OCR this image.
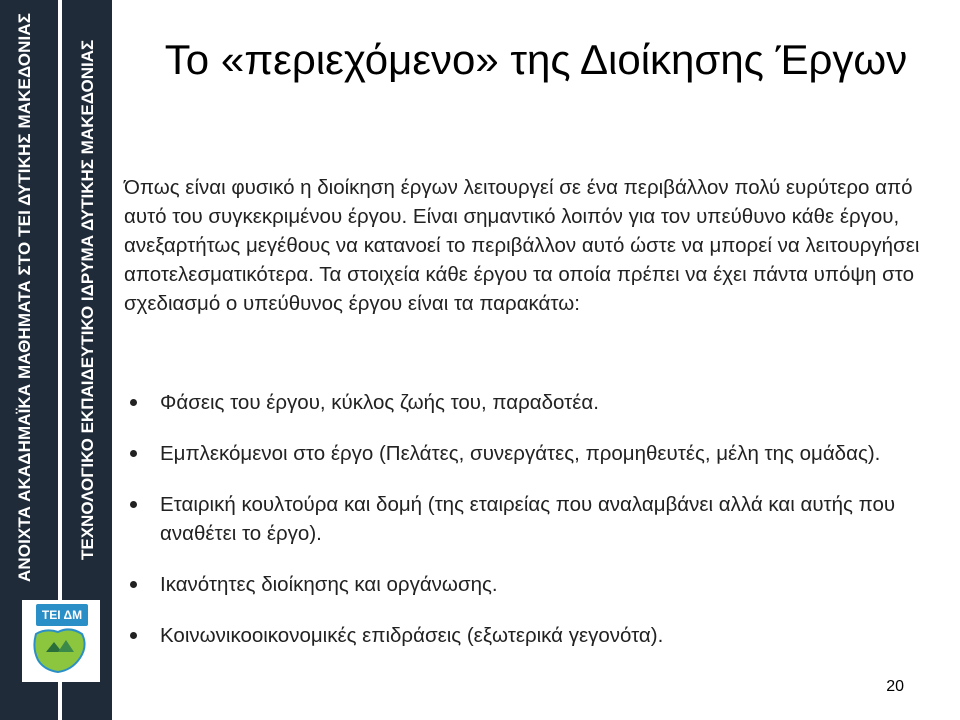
ΑΝΟΙΧΤΑ ΑΚΑΔΗΜΑΪΚΑ ΜΑΘΗΜΑΤΑ ΣΤΟ ΤΕΙ ΔΥΤΙΚΗΣ ΜΑΚΕΔΟΝΙΑΣ	ΤΕΧΝΟΛΟΓΙΚΟ ΕΚΠΑΙΔΕΥΤΙΚΟ ΙΔΡΥΜΑ ΔΥΤΙΚΗΣ ΜΑΚΕΔΟΝΙΑΣ
ΤΕΙ ΔΜ
Το «περιεχόμενο» της Διοίκησης Έργων
Όπως είναι φυσικό η διοίκηση έργων λειτουργεί σε ένα περιβάλλον πολύ ευρύτερο από αυτό του συγκεκριμένου έργου. Είναι σημαντικό λοιπόν για τον υπεύθυνο κάθε έργου, ανεξαρτήτως μεγέθους να κατανοεί το περιβάλλον αυτό ώστε να μπορεί να λειτουργήσει αποτελεσματικότερα. Τα στοιχεία κάθε έργου τα οποία πρέπει να έχει πάντα υπόψη στο σχεδιασμό ο υπεύθυνος έργου είναι τα παρακάτω:
Φάσεις του έργου, κύκλος ζωής του, παραδοτέα.
Εμπλεκόμενοι στο έργο (Πελάτες, συνεργάτες, προμηθευτές, μέλη της ομάδας).
Εταιρική κουλτούρα και δομή (της εταιρείας που αναλαμβάνει αλλά και αυτής που αναθέτει το έργο).
Ικανότητες διοίκησης και οργάνωσης.
Κοινωνικοοικονομικές επιδράσεις (εξωτερικά γεγονότα).
20
